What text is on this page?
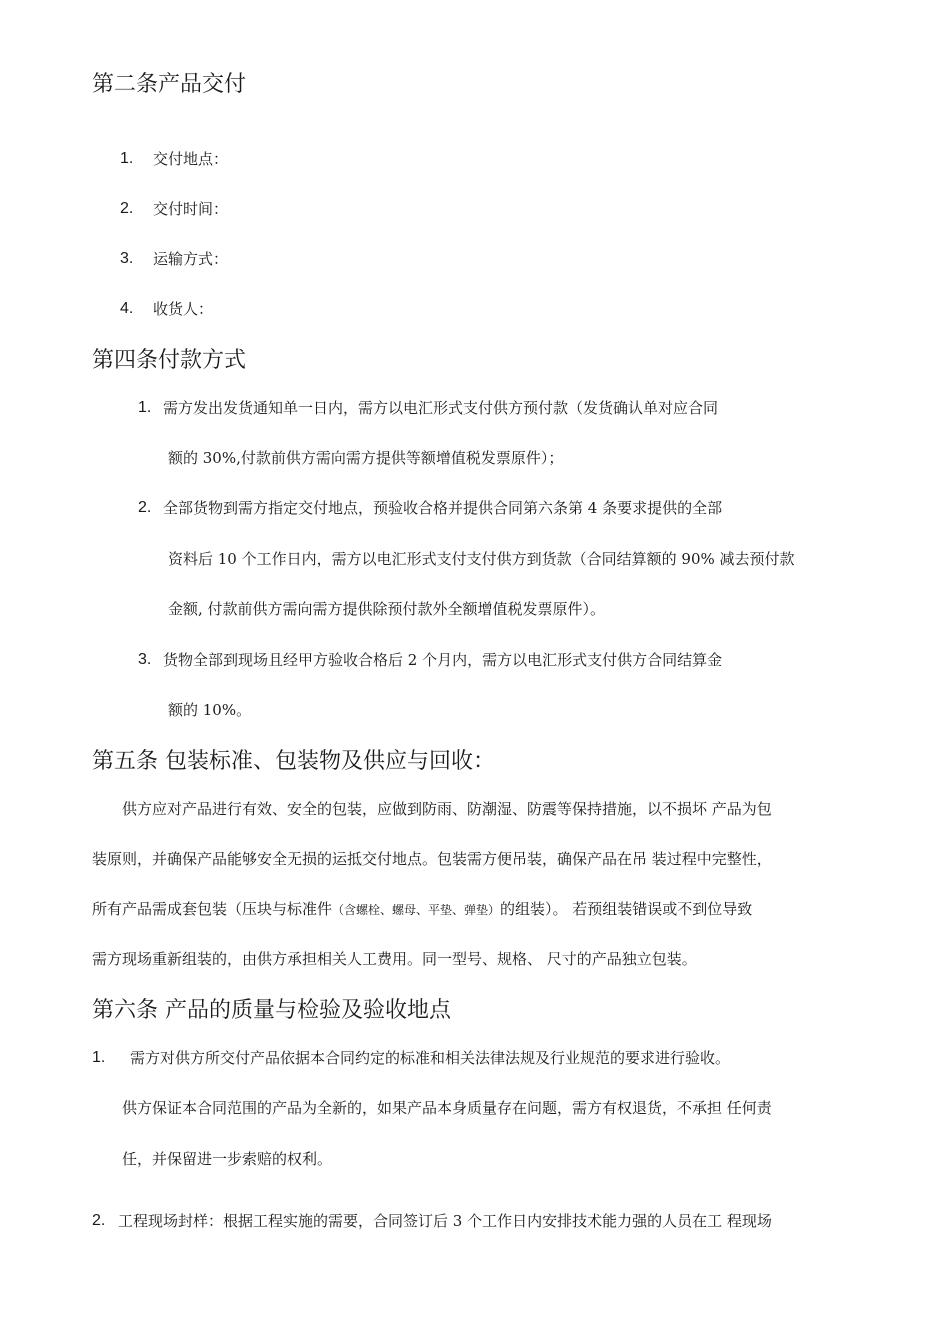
第二条产品交付
1. 交付地点：
2. 交付时间：
3. 运输方式：
4. 收货人：
第四条付款方式
1. 需方发出发货通知单一日内，需方以电汇形式支付供方预付款（发货确认单对应合同
额的 30%,付款前供方需向需方提供等额增值税发票原件）；
2. 全部货物到需方指定交付地点，预验收合格并提供合同第六条第 4 条要求提供的全部
资料后 10 个工作日内，需方以电汇形式支付支付供方到货款（合同结算额的 90% 减去预付款
金额, 付款前供方需向需方提供除预付款外全额增值税发票原件）。
3. 货物全部到现场且经甲方验收合格后 2 个月内，需方以电汇形式支付供方合同结算金
额的 10%。
第五条 包装标准、包装物及供应与回收：
供方应对产品进行有效、安全的包装，应做到防雨、防潮湿、防震等保持措施，以不损坏 产品为包
装原则，并确保产品能够安全无损的运抵交付地点。包装需方便吊装，确保产品在吊 装过程中完整性，
所有产品需成套包装（压块与标准件（含螺栓、螺母、平垫、弹垫）的组装）。 若预组装错误或不到位导致
需方现场重新组装的，由供方承担相关人工费用。同一型号、规格、 尺寸的产品独立包装。
第六条 产品的质量与检验及验收地点
1. 需方对供方所交付产品依据本合同约定的标准和相关法律法规及行业规范的要求进行验收。
供方保证本合同范围的产品为全新的，如果产品本身质量存在问题，需方有权退货，不承担 任何责
任，并保留进一步索赔的权利。
2. 工程现场封样：根据工程实施的需要，合同签订后 3 个工作日内安排技术能力强的人员在工 程现场
